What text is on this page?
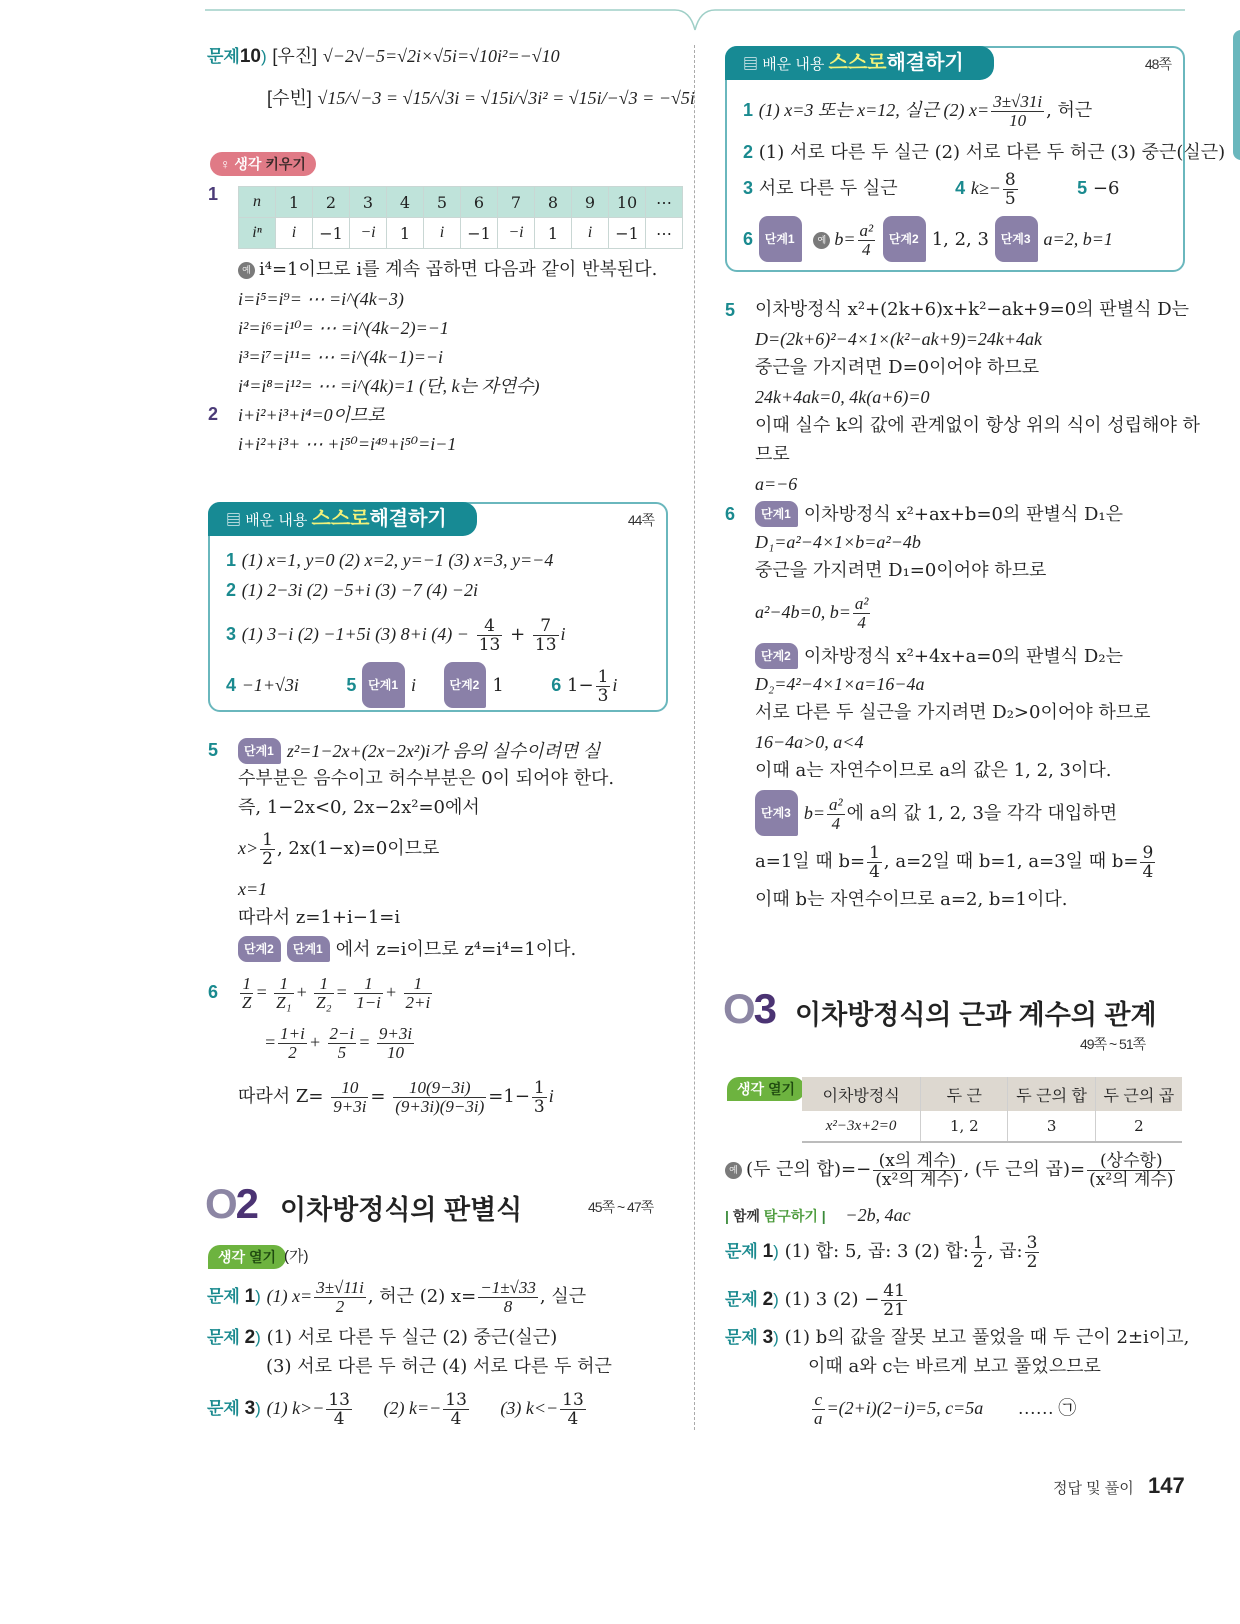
문제10) [우진] √−2√−5=√2i×√5i=√10i²=−√10
[수빈] √15/√−3 = √15/√3i = √15i/√3i² = √15i/−√3 = −√5i
♀ 생각 키우기
1 n	1	2	3	4	5	6	7	8	9	10	⋯
iⁿ	i	−1	−i	1	i	−1	−i	1	i	−1	⋯
예 i⁴=1이므로 i를 계속 곱하면 다음과 같이 반복된다.
i=i⁵=i⁹= ⋯ =i^(4k−3)
i²=i⁶=i¹⁰= ⋯ =i^(4k−2)=−1
i³=i⁷=i¹¹= ⋯ =i^(4k−1)=−i
i⁴=i⁸=i¹²= ⋯ =i^(4k)=1 (단, k는 자연수)
2 i+i²+i³+i⁴=0이므로
i+i²+i³+ ⋯ +i⁵⁰=i⁴⁹+i⁵⁰=i−1
▤ 배운 내용 스스로해결하기	44쪽
1 (1) x=1, y=0 (2) x=2, y=−1 (3) x=3, y=−4
2 (1) 2−3i (2) −5+i (3) −7 (4) −2i
3 (1) 3−i (2) −1+5i (3) 8+i $(4) - \frac{4}{13} + \frac{7}{13}$ i
4 −1+√3i	5 단계1 i	단계2 1	6 $1- \frac{1}{3}$ i
5	단계1 z²=1−2x+(2x−2x²)i가 음의 실수이려면 실
수부분은 음수이고 허수부분은 0이 되어야 한다.
즉, 1−2x<0, 2x−2x²=0에서
$x> \frac{1}{2}$ , 2x(1−x)=0이므로
x=1
따라서 z=1+i−1=i
단계2 단계1 에서 z=i이므로 z⁴=i⁴=1이다.
$6 \frac{1}{Z} = \frac{1}{\text{Z₁}} + \frac{1}{\text{Z₂}} = \frac{1}{1-i} + \frac{1}{2+i}$
= $\frac{1+i}{2} + \frac{2-i}{5} = \frac{9+3i}{10}$
따라서 $Z= \frac{10}{9+3i} = \frac{10(9-3i)}{(9+3i)(9-3i)} =1- \frac{1}{3}$ i
O2 이차방정식의 판별식	45쪽 ~ 47쪽
생각 열기 (가)
문제 1) (1) $x= \frac{3\pm√11i}{2}$ , 허근 (2) $x= \frac{-1\pm√33}{8}$ , 실근
문제 2) (1) 서로 다른 두 실근 (2) 중근(실근)
(3) 서로 다른 두 허근 (4) 서로 다른 두 허근
문제 3) (1) $k>- \frac{13}{4} (2)$ $k=- \frac{13}{4} (3)$ $k<- \frac{13}{4}$
▤ 배운 내용 스스로해결하기	48쪽
1 (1) x=3 또는 x=12, 실근 (2) $x= \frac{3\pm√31i}{10}$ , 허근
2 (1) 서로 다른 두 실근 (2) 서로 다른 두 허근 (3) 중근(실근)
3 서로 다른 두 실근	4 $k\ge- \frac{8}{5}$	5 −6
6 단계1	예 $b= \frac{\text{a²}}{4}$ 단계2 1, 2, 3 단계3 a=2, b=1
5 이차방정식 x²+(2k+6)x+k²−ak+9=0의 판별식 D는
D=(2k+6)²−4×1×(k²−ak+9)=24k+4ak
중근을 가지려면 D=0이어야 하므로
24k+4ak=0, 4k(a+6)=0
이때 실수 k의 값에 관계없이 항상 위의 식이 성립해야 하
므로
a=−6
6	단계1 이차방정식 x²+ax+b=0의 판별식 D₁은
D₁=a²−4×1×b=a²−4b
중근을 가지려면 D₁=0이어야 하므로
a²−4b=0, $b= \frac{\text{a²}}{4}$
단계2 이차방정식 x²+4x+a=0의 판별식 D₂는
D₂=4²−4×1×a=16−4a
서로 다른 두 실근을 가지려면 D₂>0이어야 하므로
16−4a>0, a<4
이때 a는 자연수이므로 a의 값은 1, 2, 3이다.
단계3 $b= \frac{\text{a²}}{4}$ 에 a의 값 1, 2, 3을 각각 대입하면
a=1일 때 $b= \frac{1}{4}$ , a=2일 때 b=1, a=3일 때 $b= \frac{9}{4}$
이때 b는 자연수이므로 a=2, b=1이다.
O3 이차방정식의 근과 계수의 관계
49쪽 ~ 51쪽
생각 열기	이차방정식	두 근	두 근의 합	두 근의 곱
x²−3x+2=0	1, 2	3	2
예 (두 근의 합)=− $\frac{\text{(x의 계수)}}{\text{(x²의 계수)}}$ , (두 근의 곱)= $\frac{\text{(상수항)}}{\text{(x²의 계수)}}$
| 함께 탐구하기 | −2b, 4ac
문제 1) (1) 합: 5, 곱: 3 (2) 합: $\frac{1}{2}$ , 곱: $\frac{3}{2}$
문제 2) (1) 3 $(2) - \frac{41}{21}$
문제 3) (1) b의 값을 잘못 보고 풀었을 때 두 근이 2±i이고,
이때 a와 c는 바르게 보고 풀었으므로
$\frac{c}{a} =(2+i)(2-i)=5$, c=5a …… ㉠
정답 및 풀이 147
